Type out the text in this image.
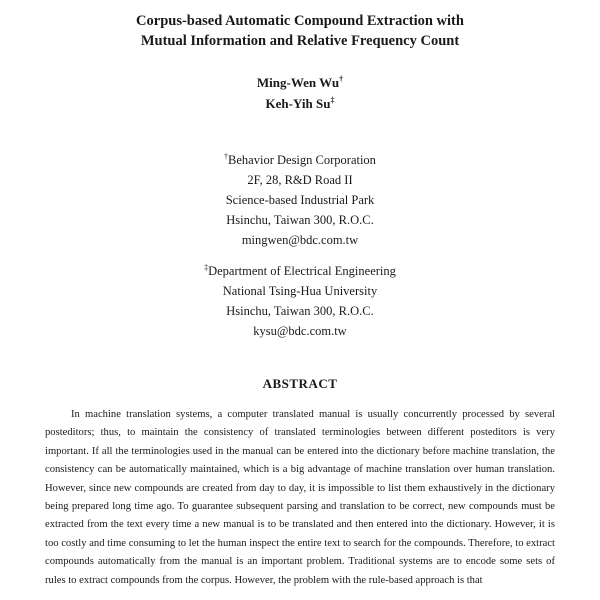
Corpus-based Automatic Compound Extraction with
Mutual Information and Relative Frequency Count
Ming-Wen Wu†
Keh-Yih Su‡
†Behavior Design Corporation
2F, 28, R&D Road II
Science-based Industrial Park
Hsinchu, Taiwan 300, R.O.C.
mingwen@bdc.com.tw
‡Department of Electrical Engineering
National Tsing-Hua University
Hsinchu, Taiwan 300, R.O.C.
kysu@bdc.com.tw
ABSTRACT

In machine translation systems, a computer translated manual is usually concurrently processed by several posteditors; thus, to maintain the consistency of translated terminologies between different posteditors is very important. If all the terminologies used in the manual can be entered into the dictionary before machine translation, the consistency can be automatically maintained, which is a big advantage of machine translation over human translation. However, since new compounds are created from day to day, it is impossible to list them exhaustively in the dictionary being prepared long time ago. To guarantee subsequent parsing and translation to be correct, new compounds must be extracted from the text every time a new manual is to be translated and then entered into the dictionary. However, it is too costly and time consuming to let the human inspect the entire text to search for the compounds. Therefore, to extract compounds automatically from the manual is an important problem. Traditional systems are to encode some sets of rules to extract compounds from the corpus. However, the problem with the rule-based approach is that
